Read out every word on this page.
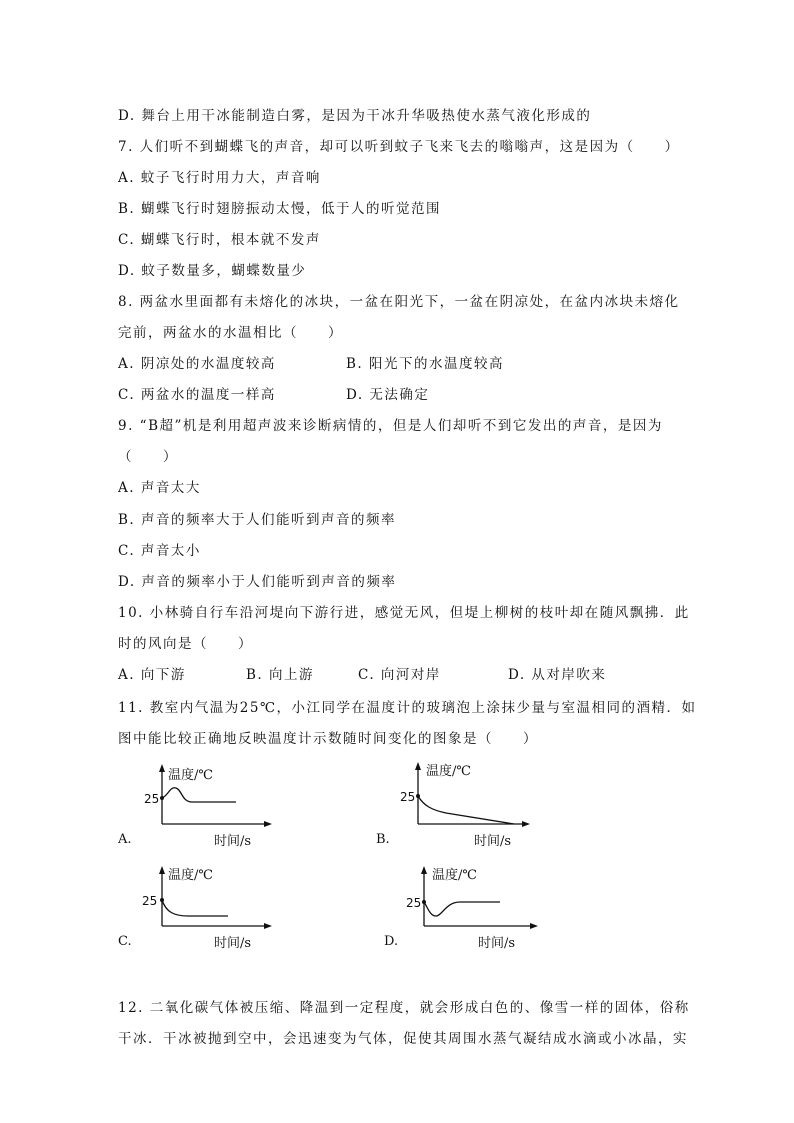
D. 舞台上用干冰能制造白雾，是因为干冰升华吸热使水蒸气液化形成的
7. 人们听不到蝴蝶飞的声音，却可以听到蚊子飞来飞去的嗡嗡声，这是因为（　　）
A. 蚊子飞行时用力大，声音响
B. 蝴蝶飞行时翅膀振动太慢，低于人的听觉范围
C. 蝴蝶飞行时，根本就不发声
D. 蚊子数量多，蝴蝶数量少
8. 两盆水里面都有未熔化的冰块，一盆在阳光下，一盆在阴凉处，在盆内冰块未熔化
完前，两盆水的水温相比（　　）
A. 阴凉处的水温度较高	B. 阳光下的水温度较高
C. 两盆水的温度一样高	D. 无法确定
9. “B超”机是利用超声波来诊断病情的，但是人们却听不到它发出的声音，是因为
（　　）
A. 声音太大
B. 声音的频率大于人们能听到声音的频率
C. 声音太小
D. 声音的频率小于人们能听到声音的频率
10. 小林骑自行车沿河堤向下游行进，感觉无风，但堤上柳树的枝叶却在随风飘拂．此
时的风向是（　　）
A. 向下游	B. 向上游	C. 向河对岸	D. 从对岸吹来
11. 教室内气温为25℃，小江同学在温度计的玻璃泡上涂抹少量与室温相同的酒精．如
图中能比较正确地反映温度计示数随时间变化的图象是（　　）
A.
温度/℃
25
时间/s	B.
温度/℃
25
时间/s
C.
温度/℃
25
时间/s	D.
温度/℃
25
时间/s
12. 二氧化碳气体被压缩、降温到一定程度，就会形成白色的、像雪一样的固体，俗称
干冰．干冰被抛到空中，会迅速变为气体，促使其周围水蒸气凝结成水滴或小冰晶，实
